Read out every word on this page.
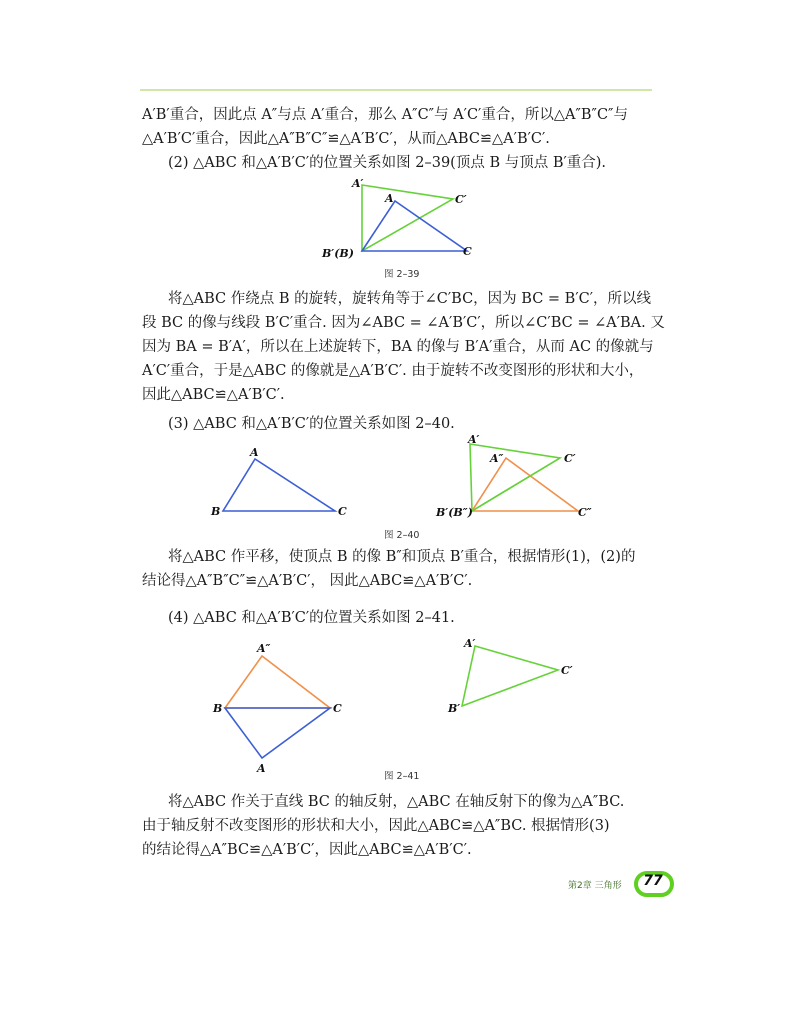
A′B′重合，因此点 A″与点 A′重合，那么 A″C″与 A′C′重合，所以△A″B″C″与
△A′B′C′重合，因此△A″B″C″≌△A′B′C′，从而△ABC≌△A′B′C′.
(2) △ABC 和△A′B′C′的位置关系如图 2–39(顶点 B 与顶点 B′重合).
A′
A	C′
B′(B)	C
图 2–39
将△ABC 作绕点 B 的旋转，旋转角等于∠C′BC，因为 BC = B′C′，所以线
段 BC 的像与线段 B′C′重合. 因为∠ABC = ∠A′B′C′，所以∠C′BC = ∠A′BA. 又
因为 BA = B′A′，所以在上述旋转下，BA 的像与 B′A′重合，从而 AC 的像就与
A′C′重合，于是△ABC 的像就是△A′B′C′. 由于旋转不改变图形的形状和大小，
因此△ABC≌△A′B′C′.
(3) △ABC 和△A′B′C′的位置关系如图 2–40.
A
B	C
A′
A″	C′
B′(B″)	C″
图 2–40
将△ABC 作平移，使顶点 B 的像 B″和顶点 B′重合，根据情形(1)，(2)的
结论得△A″B″C″≌△A′B′C′， 因此△ABC≌△A′B′C′.
(4) △ABC 和△A′B′C′的位置关系如图 2–41.
A″
B	C
A
A′
C′
B′
图 2–41
将△ABC 作关于直线 BC 的轴反射，△ABC 在轴反射下的像为△A″BC.
由于轴反射不改变图形的形状和大小，因此△ABC≌△A″BC. 根据情形(3)
的结论得△A″BC≌△A′B′C′，因此△ABC≌△A′B′C′.
第2章 三角形	77
